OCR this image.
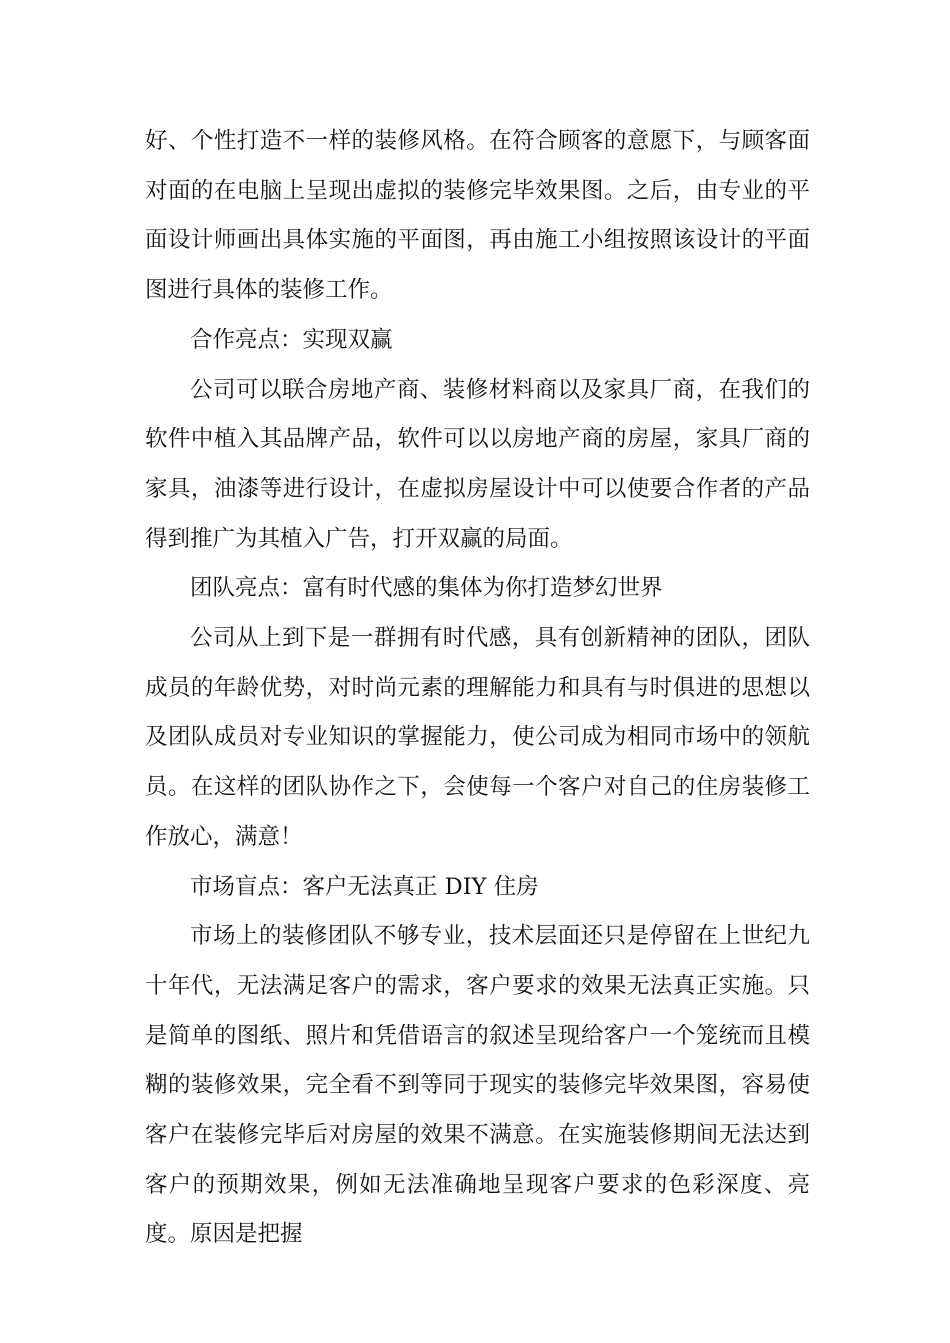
好、个性打造不一样的装修风格。在符合顾客的意愿下，与顾客面对面的在电脑上呈现出虚拟的装修完毕效果图。之后，由专业的平面设计师画出具体实施的平面图，再由施工小组按照该设计的平面图进行具体的装修工作。

合作亮点：实现双赢

公司可以联合房地产商、装修材料商以及家具厂商，在我们的软件中植入其品牌产品，软件可以以房地产商的房屋，家具厂商的家具，油漆等进行设计，在虚拟房屋设计中可以使要合作者的产品得到推广为其植入广告，打开双赢的局面。

团队亮点：富有时代感的集体为你打造梦幻世界

公司从上到下是一群拥有时代感，具有创新精神的团队，团队成员的年龄优势，对时尚元素的理解能力和具有与时俱进的思想以及团队成员对专业知识的掌握能力，使公司成为相同市场中的领航员。在这样的团队协作之下，会使每一个客户对自己的住房装修工作放心，满意！

市场盲点：客户无法真正 DIY 住房

市场上的装修团队不够专业，技术层面还只是停留在上世纪九十年代，无法满足客户的需求，客户要求的效果无法真正实施。只是简单的图纸、照片和凭借语言的叙述呈现给客户一个笼统而且模糊的装修效果，完全看不到等同于现实的装修完毕效果图，容易使客户在装修完毕后对房屋的效果不满意。在实施装修期间无法达到客户的预期效果，例如无法准确地呈现客户要求的色彩深度、亮度。原因是把握
